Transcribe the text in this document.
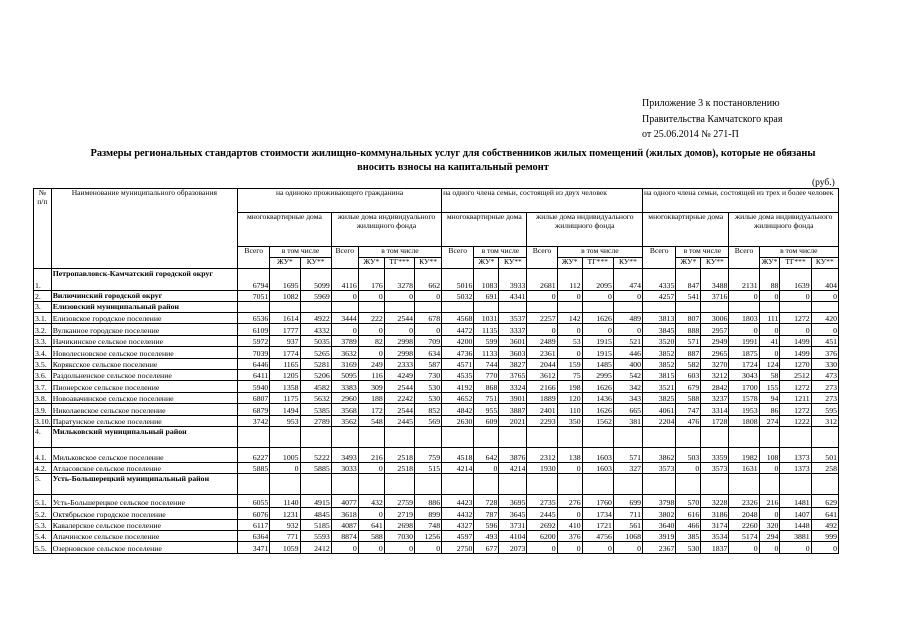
Приложение 3 к постановлению
Правительства Камчатского края
от 25.06.2014 № 271-П
Размеры региональных стандартов стоимости жилищно-коммунальных услуг для собственников жилых помещений (жилых домов), которые не обязаны
вносить взносы на капитальный ремонт
(руб.)
№ п/п	Наименование муниципального образования	на одиноко проживающего гражданина							на одного члена семьи, состоящей из двух человек							на одного члена семьи, состоящей из трех и более человек						
		многоквартирные дома			жилые дома индивидуального жилищного фонда				многоквартирные дома			жилые дома индивидуального жилищного фонда				многоквартирные дома			жилые дома индивидуального жилищного фонда			
		Всего	в том числе		Всего	в том числе			Всего	в том числе		Всего	в том числе			Всего	в том числе		Всего	в том числе		
			ЖУ*	КУ**		ЖУ*	ТГ***	КУ**		ЖУ*	КУ**		ЖУ*	ТГ***	КУ**		ЖУ*	КУ**		ЖУ*	ТГ***	КУ**
1.	Петропавловск-Камчатский городской округ	6794	1695	5099	4116	176	3278	662	5016	1083	3933	2681	112	2095	474	4335	847	3488	2131	88	1639	404
2.	Вилючинский городской округ	7051	1082	5969	0	0	0	0	5032	691	4341	0	0	0	0	4257	541	3716	0	0	0	0
3.	Елизовский муниципальный район																					
3.1.	Елизовское городское поселение	6536	1614	4922	3444	222	2544	678	4568	1031	3537	2257	142	1626	489	3813	807	3006	1803	111	1272	420
3.2.	Вулканное городское поселение	6109	1777	4332	0	0	0	0	4472	1135	3337	0	0	0	0	3845	888	2957	0	0	0	0
3.3.	Начикинское сельское поселение	5972	937	5035	3789	82	2998	709	4200	599	3601	2489	53	1915	521	3520	571	2949	1991	41	1499	451
3.4.	Новолесновское сельское поселение	7039	1774	5265	3632	0	2998	634	4736	1133	3603	2361	0	1915	446	3852	887	2965	1875	0	1499	376
3.5.	Коряксское сельское поселение	6446	1165	5281	3169	249	2333	587	4571	744	3827	2044	159	1485	400	3852	582	3270	1724	124	1270	330
3.6.	Раздольненское сельское поселение	6411	1205	5206	5095	116	4249	730	4535	770	3765	3612	75	2995	542	3815	603	3212	3043	58	2512	473
3.7.	Пионерское сельское поселение	5940	1358	4582	3383	309	2544	530	4192	868	3324	2166	198	1626	342	3521	679	2842	1700	155	1272	273
3.8.	Новоавачинское сельское поселение	6807	1175	5632	2960	188	2242	530	4652	751	3901	1889	120	1436	343	3825	588	3237	1578	94	1211	273
3.9.	Николаевское сельское поселение	6879	1494	5385	3568	172	2544	852	4842	955	3887	2401	110	1626	665	4061	747	3314	1953	86	1272	595
3.10.	Паратунское сельское поселение	3742	953	2789	3562	548	2445	569	2630	609	2021	2293	350	1562	381	2204	476	1728	1808	274	1222	312
4.	Мильковский муниципальный район																					
4.1.	Мильковское сельское поселение	6227	1005	5222	3493	216	2518	759	4518	642	3876	2312	138	1603	571	3862	503	3359	1982	108	1373	501
4.2.	Атласовское сельское поселение	5885	0	5885	3033	0	2518	515	4214	0	4214	1930	0	1603	327	3573	0	3573	1631	0	1373	258
5.	Усть-Большерецкий муниципальный район																					
5.1.	Усть-Большерецкое сельское поселение	6055	1140	4915	4077	432	2759	886	4423	728	3695	2735	276	1760	699	3798	570	3228	2326	216	1481	629
5.2.	Октябрьское городское поселение	6076	1231	4845	3618	0	2719	899	4432	787	3645	2445	0	1734	711	3802	616	3186	2048	0	1407	641
5.3.	Кавалерское сельское поселение	6117	932	5185	4087	641	2698	748	4327	596	3731	2692	410	1721	561	3640	466	3174	2260	320	1448	492
5.4.	Апачинское сельское поселение	6364	771	5593	8874	588	7030	1256	4597	493	4104	6200	376	4756	1068	3919	385	3534	5174	294	3881	999
5.5.	Озерновское сельское поселение	3471	1059	2412	0	0	0	0	2750	677	2073	0	0	0	0	2367	530	1837	0	0	0	0
